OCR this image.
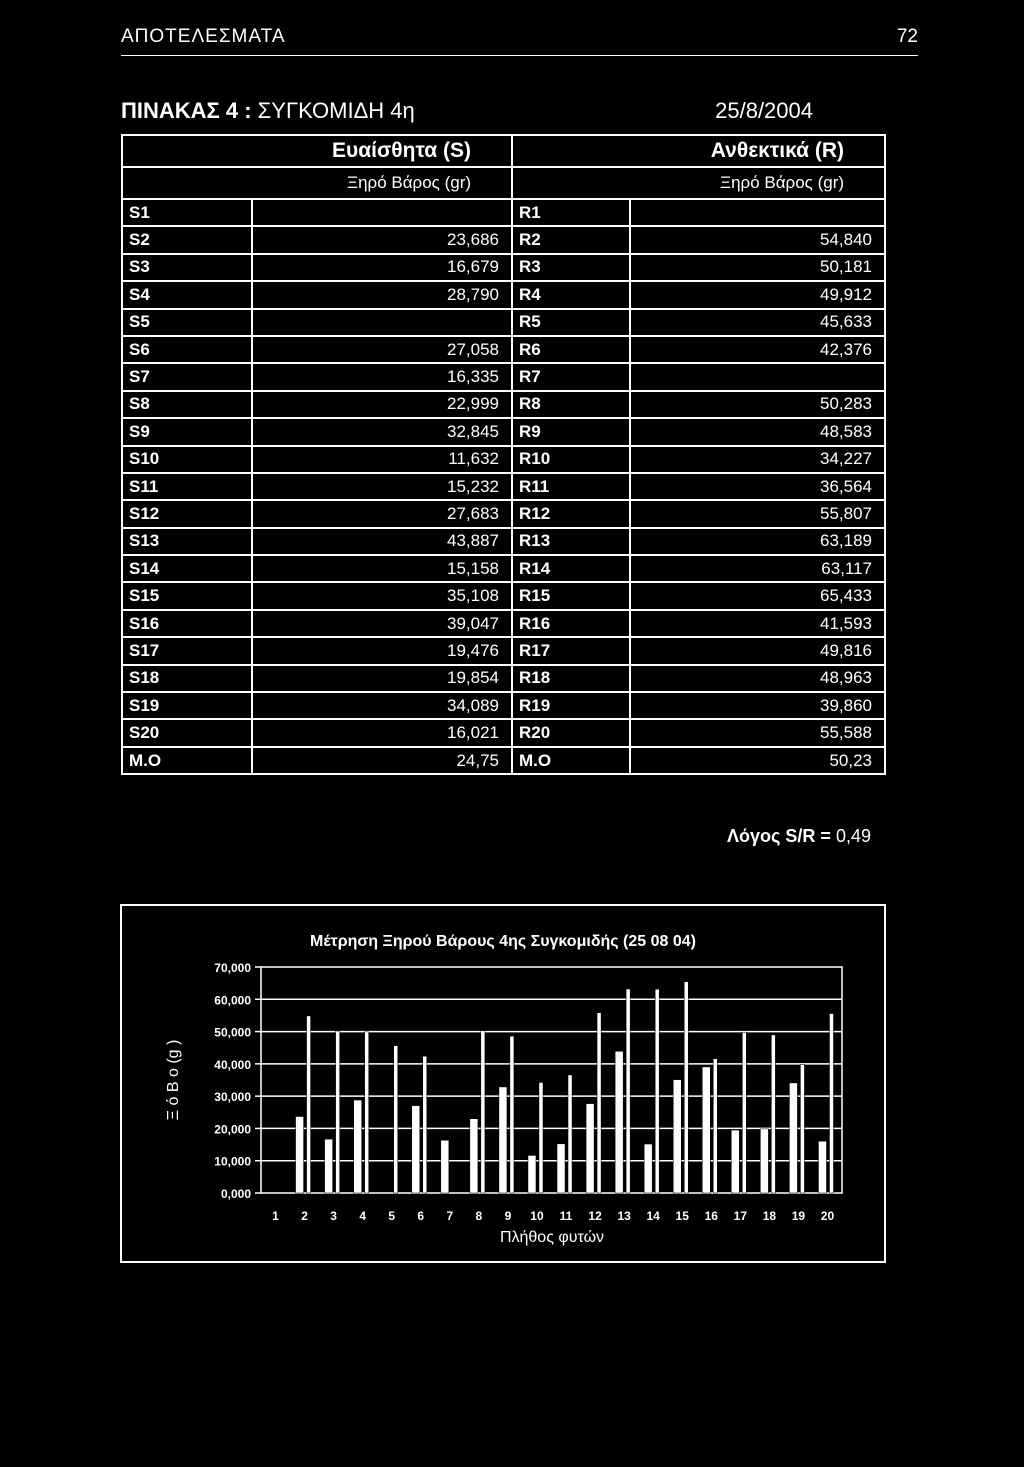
ΑΠΟΤΕΛΕΣΜΑΤΑ	72
ΠΙΝΑΚΑΣ 4 : ΣΥΓΚΟΜΙΔΗ 4η	25/8/2004
Ευαίσθητα (S)		Ανθεκτικά (R)	
Ξηρό Βάρος (gr)		Ξηρό Βάρος (gr)	
S1		R1	
S2	23,686	R2	54,840
S3	16,679	R3	50,181
S4	28,790	R4	49,912
S5		R5	45,633
S6	27,058	R6	42,376
S7	16,335	R7	
S8	22,999	R8	50,283
S9	32,845	R9	48,583
S10	11,632	R10	34,227
S11	15,232	R11	36,564
S12	27,683	R12	55,807
S13	43,887	R13	63,189
S14	15,158	R14	63,117
S15	35,108	R15	65,433
S16	39,047	R16	41,593
S17	19,476	R17	49,816
S18	19,854	R18	48,963
S19	34,089	R19	39,860
S20	16,021	R20	55,588
Μ.Ο	24,75	Μ.Ο	50,23
Λόγος S/R = 0,49
Μέτρηση Ξηρού Βάρους 4ης Συγκομιδής (25 08 04)
0,000
10,000
20,000
30,000
40,000
50,000
60,000
70,000
1 2 3 4 5 6 7 8 9 10 11 12 13 14 15 16 17 18 19 20
Πλήθος φυτών
Ξ ό Β ο (g )
